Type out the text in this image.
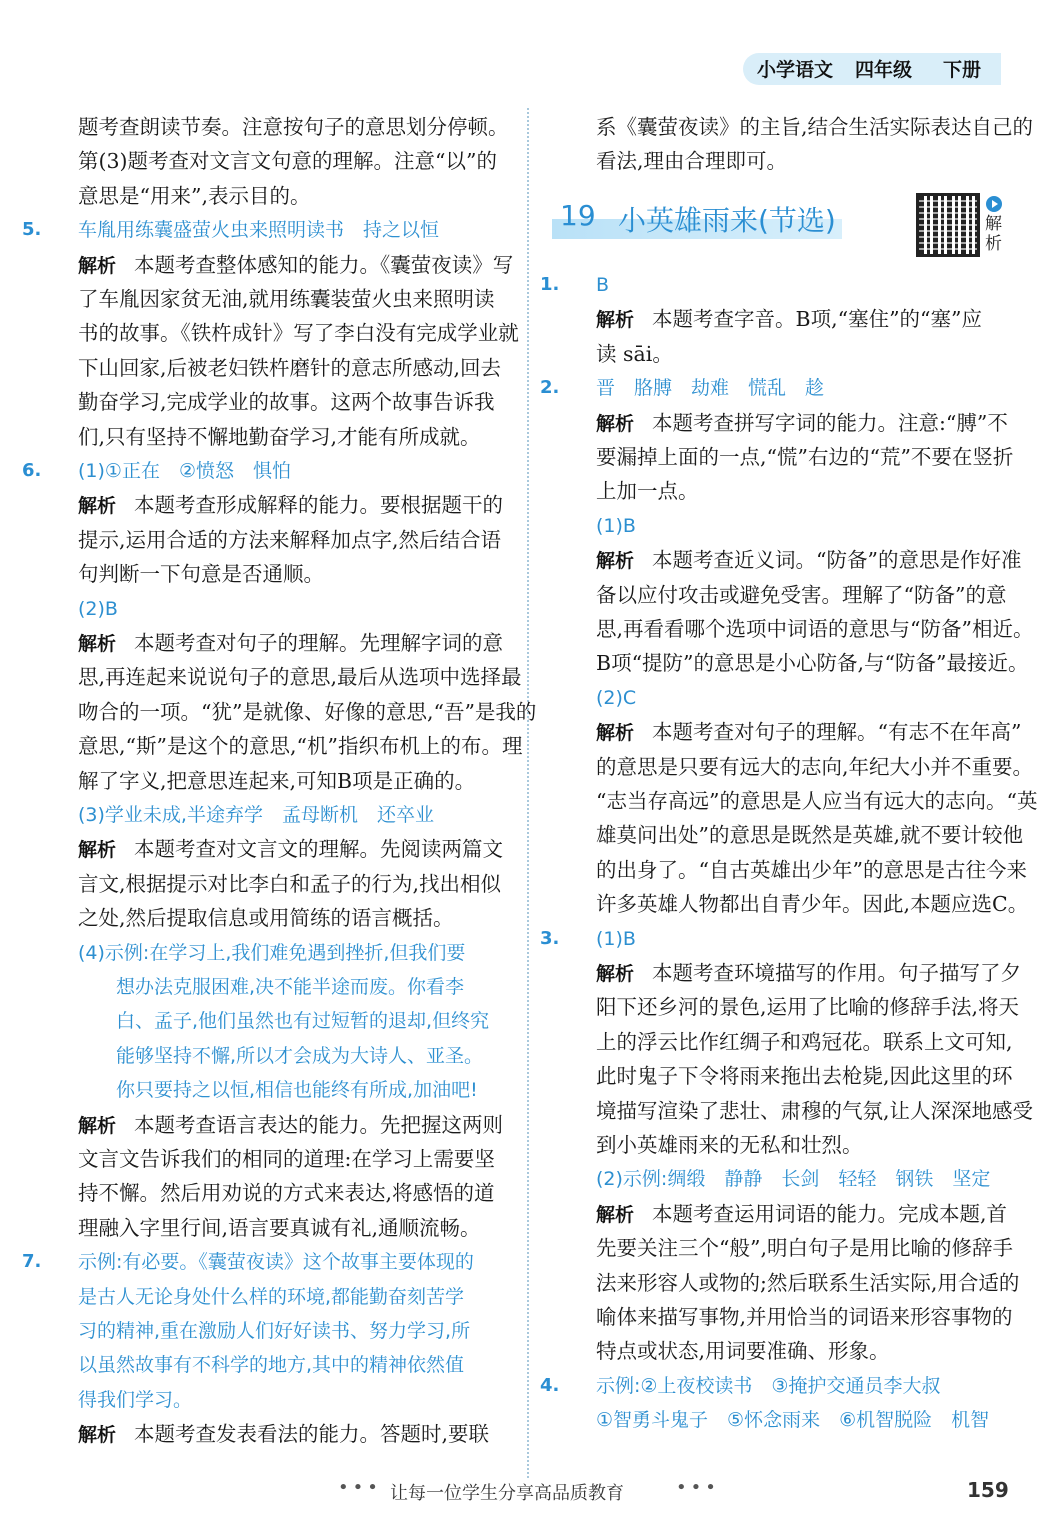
小学语文 四年级 下册
题考查朗读节奏。注意按句子的意思划分停顿。
第(3)题考查对文言文句意的理解。注意“以”的
意思是“用来”,表示目的。
5. 车胤用练囊盛萤火虫来照明读书　持之以恒
解析 本题考查整体感知的能力。《囊萤夜读》写
了车胤因家贫无油,就用练囊装萤火虫来照明读
书的故事。《铁杵成针》写了李白没有完成学业就
下山回家,后被老妇铁杵磨针的意志所感动,回去
勤奋学习,完成学业的故事。这两个故事告诉我
们,只有坚持不懈地勤奋学习,才能有所成就。
6. (1)①正在　②愤怒　惧怕
解析 本题考查形成解释的能力。要根据题干的
提示,运用合适的方法来解释加点字,然后结合语
句判断一下句意是否通顺。
(2)B
解析 本题考查对句子的理解。先理解字词的意
思,再连起来说说句子的意思,最后从选项中选择最
吻合的一项。“犹”是就像、好像的意思,“吾”是我的
意思,“斯”是这个的意思,“机”指织布机上的布。理
解了字义,把意思连起来,可知B项是正确的。
(3)学业未成,半途弃学　孟母断机　还卒业
解析 本题考查对文言文的理解。先阅读两篇文
言文,根据提示对比李白和孟子的行为,找出相似
之处,然后提取信息或用简练的语言概括。
(4)示例:在学习上,我们难免遇到挫折,但我们要
　　想办法克服困难,决不能半途而废。你看李
　　白、孟子,他们虽然也有过短暂的退却,但终究
　　能够坚持不懈,所以才会成为大诗人、亚圣。
　　你只要持之以恒,相信也能终有所成,加油吧!
解析 本题考查语言表达的能力。先把握这两则
文言文告诉我们的相同的道理:在学习上需要坚
持不懈。然后用劝说的方式来表达,将感悟的道
理融入字里行间,语言要真诚有礼,通顺流畅。
7. 示例:有必要。《囊萤夜读》这个故事主要体现的
是古人无论身处什么样的环境,都能勤奋刻苦学
习的精神,重在激励人们好好读书、努力学习,所
以虽然故事有不科学的地方,其中的精神依然值
得我们学习。
解析 本题考查发表看法的能力。答题时,要联
系《囊萤夜读》的主旨,结合生活实际表达自己的
看法,理由合理即可。
19 小英雄雨来(节选)	解析
1. B
解析 本题考查字音。B项,“塞住”的“塞”应
读 sāi。
2. 晋　胳膊　劫难　慌乱　趁
解析 本题考查拼写字词的能力。注意:“膊”不
要漏掉上面的一点,“慌”右边的“荒”不要在竖折
上加一点。
(1)B
解析 本题考查近义词。“防备”的意思是作好准
备以应付攻击或避免受害。理解了“防备”的意
思,再看看哪个选项中词语的意思与“防备”相近。
B项“提防”的意思是小心防备,与“防备”最接近。
(2)C
解析 本题考查对句子的理解。“有志不在年高”
的意思是只要有远大的志向,年纪大小并不重要。
“志当存高远”的意思是人应当有远大的志向。“英
雄莫问出处”的意思是既然是英雄,就不要计较他
的出身了。“自古英雄出少年”的意思是古往今来
许多英雄人物都出自青少年。因此,本题应选C。
3. (1)B
解析 本题考查环境描写的作用。句子描写了夕
阳下还乡河的景色,运用了比喻的修辞手法,将天
上的浮云比作红绸子和鸡冠花。联系上文可知,
此时鬼子下令将雨来拖出去枪毙,因此这里的环
境描写渲染了悲壮、肃穆的气氛,让人深深地感受
到小英雄雨来的无私和壮烈。
(2)示例:绸缎　静静　长剑　轻轻　钢铁　坚定
解析 本题考查运用词语的能力。完成本题,首
先要关注三个“般”,明白句子是用比喻的修辞手
法来形容人或物的;然后联系生活实际,用合适的
喻体来描写事物,并用恰当的词语来形容事物的
特点或状态,用词要准确、形象。
4. 示例:②上夜校读书　③掩护交通员李大叔
①智勇斗鬼子　⑤怀念雨来　⑥机智脱险　机智
••• 让每一位学生分享高品质教育	•••	159
